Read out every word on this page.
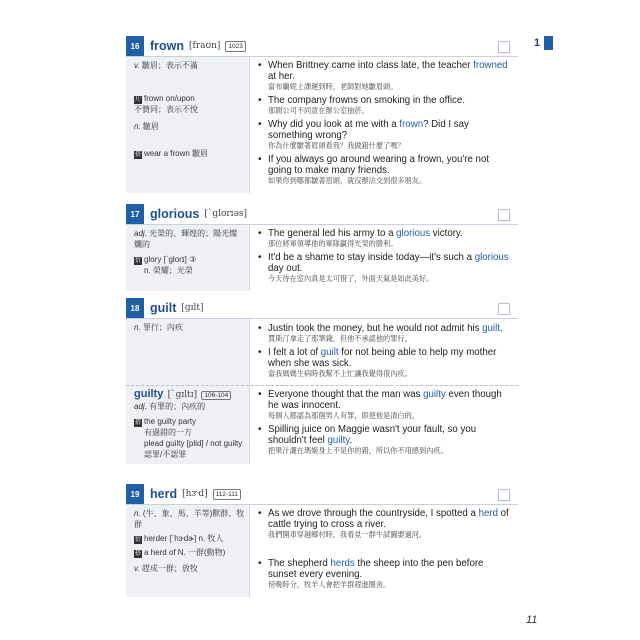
1
16 frown [fraʊn]	1023
v. 皺眉；表示不滿
片 frown on/upon
不贊同；表示不悅
n. 皺眉
搭 wear a frown 皺眉
• When Brittney came into class late, the teacher frowned at her.
當布蘭妮上課遲到時，老師對她皺眉頭。
• The company frowns on smoking in the office.
那間公司不同意在辦公室抽菸。
• Why did you look at me with a frown? Did I say something wrong?
你為什麼皺著眉頭看我？我做錯什麼了嗎？
• If you always go around wearing a frown, you're not going to make many friends.
如果你到哪都皺著眉頭，就沒辦法交到很多朋友。
17 glorious [ˋglorɪəs]
adj. 光榮的、輝煌的；陽光燦爛的
衍 glory [ˋglorɪ] ③
n. 榮耀；光榮
• The general led his army to a glorious victory.
那位將軍領導他的軍隊贏得光榮的勝利。
• It'd be a shame to stay inside today—it's such a glorious day out.
今天待在室內真是太可惜了，外面天氣是如此美好。
18 guilt [gɪlt]
n. 罪行；內疚
•	Justin took the money, but he would not admit his guilt.
賈斯汀拿走了那筆錢，但他不承認他的罪行。
• I felt a lot of guilt for not being able to help my mother when she was sick.
當我媽媽生病時我幫不上忙讓我覺得很內疚。
guilty [ˋgɪltɪ] 106-104
adj. 有罪的；內疚的
搭 the guilty party
有過錯的一方
plead guilty [plid] / not guilty 認罪/不認罪
• Everyone thought that the man was guilty even though he was innocent.
每個人都認為那個男人有罪，即使他是清白的。
• Spilling juice on Maggie wasn't your fault, so you shouldn't feel guilty.
把果汁灑在瑪姬身上不是你的錯，所以你不用感到內疚。
19 herd [hɝd]	112-111
n. (牛、象、馬、羊等)獸群、牧群
衍 herder [ˋhɝdɚ] n. 牧人
搭 a herd of N. 一群(動物)
v. 趕成一群；放牧
• As we drove through the countryside, I spotted a herd of cattle trying to cross a river.
我們開車穿越鄉村時，我看見一群牛試圖要過河。
• The shepherd herds the sheep into the pen before sunset every evening.
傍晚時分，牧羊人會把羊群趕進圈舍。
11
